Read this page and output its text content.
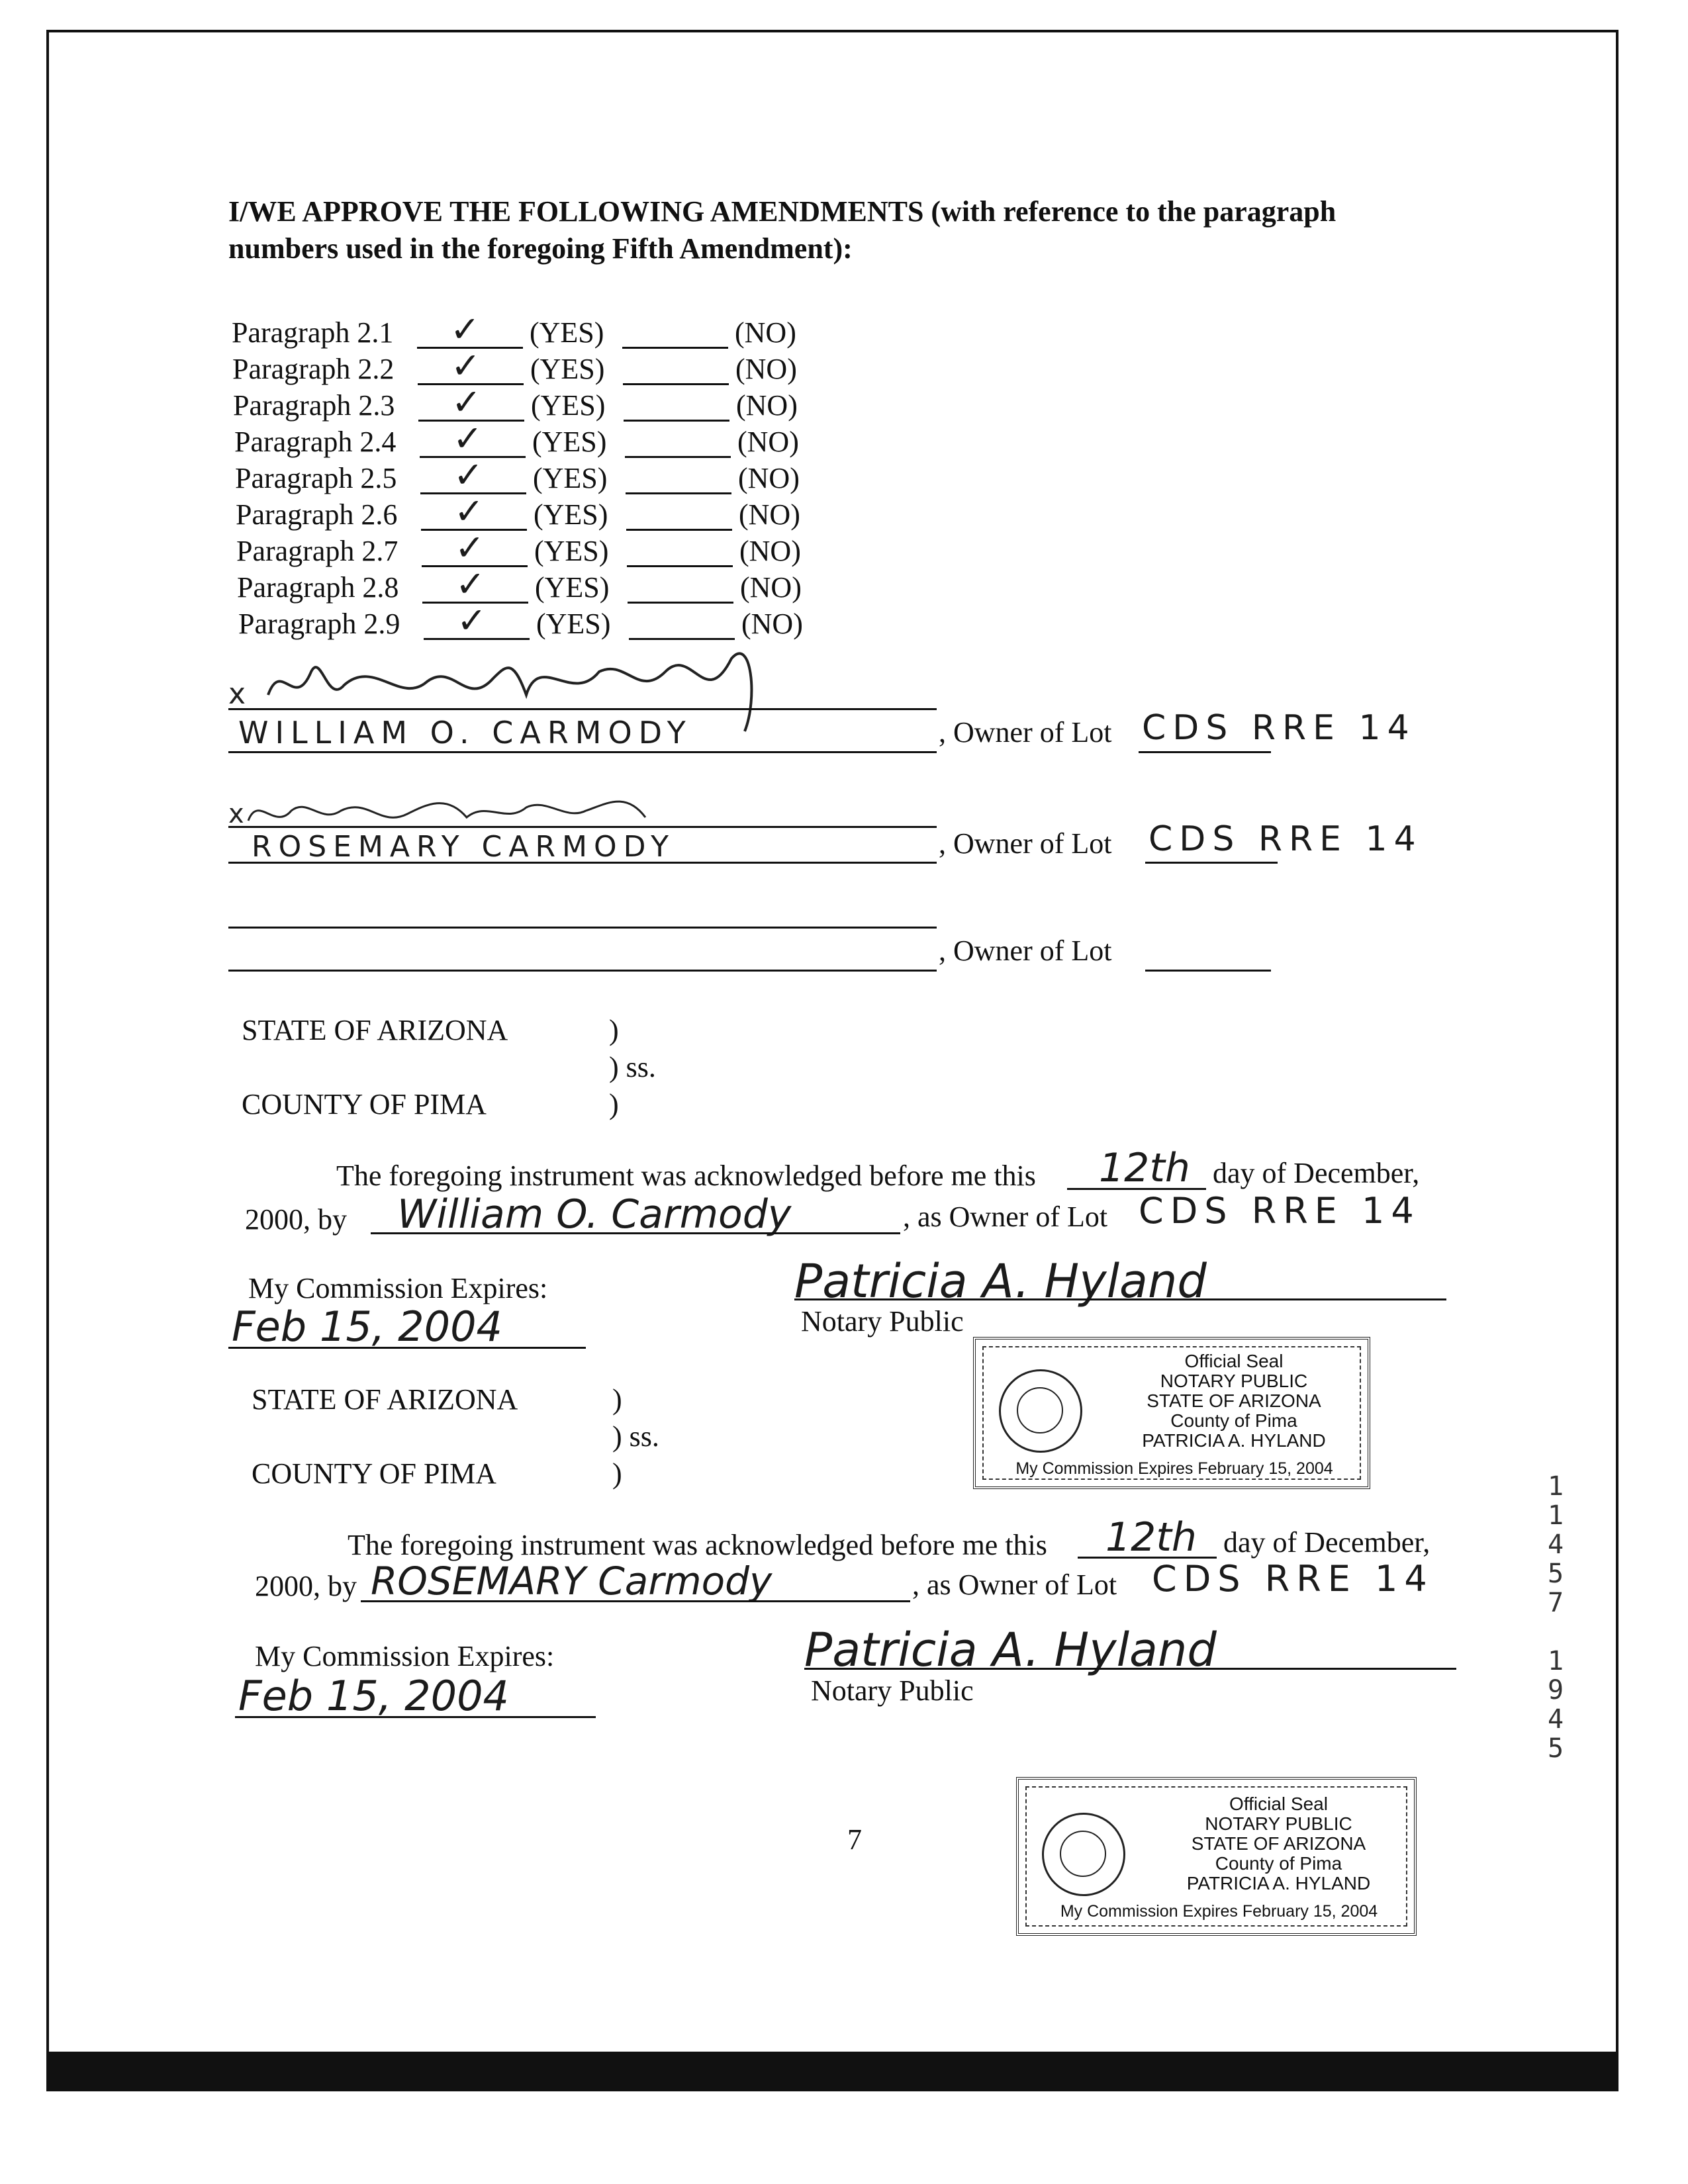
I/WE APPROVE THE FOLLOWING AMENDMENTS (with reference to the paragraph
numbers used in the foregoing Fifth Amendment):
Paragraph 2.1 ✓ (YES)	(NO)
Paragraph 2.2 ✓ (YES)	(NO)
Paragraph 2.3 ✓ (YES)	(NO)
Paragraph 2.4 ✓ (YES)	(NO)
Paragraph 2.5 ✓ (YES)	(NO)
Paragraph 2.6 ✓ (YES)	(NO)
Paragraph 2.7 ✓ (YES)	(NO)
Paragraph 2.8 ✓ (YES)	(NO)
Paragraph 2.9 ✓ (YES)	(NO)
x
WILLIAM O. CARMODY	, Owner of Lot CDS RRE 14
x
ROSEMARY CARMODY	, Owner of Lot CDS RRE 14
, Owner of Lot
STATE OF ARIZONA	)
) ss.
COUNTY OF PIMA	)
The foregoing instrument was acknowledged before me this 12th day of December,
2000, by William O. Carmody	, as Owner of Lot CDS RRE 14
My Commission Expires:
Feb 15, 2004
Patricia A. Hyland
Notary Public
Official Seal
NOTARY PUBLIC
STATE OF ARIZONA
County of Pima
PATRICIA A. HYLAND
My Commission Expires February 15, 2004
STATE OF ARIZONA	)
) ss.
COUNTY OF PIMA	)
The foregoing instrument was acknowledged before me this 12th day of December,
2000, by ROSEMARY Carmody	, as Owner of Lot CDS RRE 14
My Commission Expires:
Feb 15, 2004
Patricia A. Hyland
Notary Public
Official Seal
NOTARY PUBLIC
STATE OF ARIZONA
County of Pima
PATRICIA A. HYLAND
My Commission Expires February 15, 2004
7
1
1
4
5
7
1
9
4
5
